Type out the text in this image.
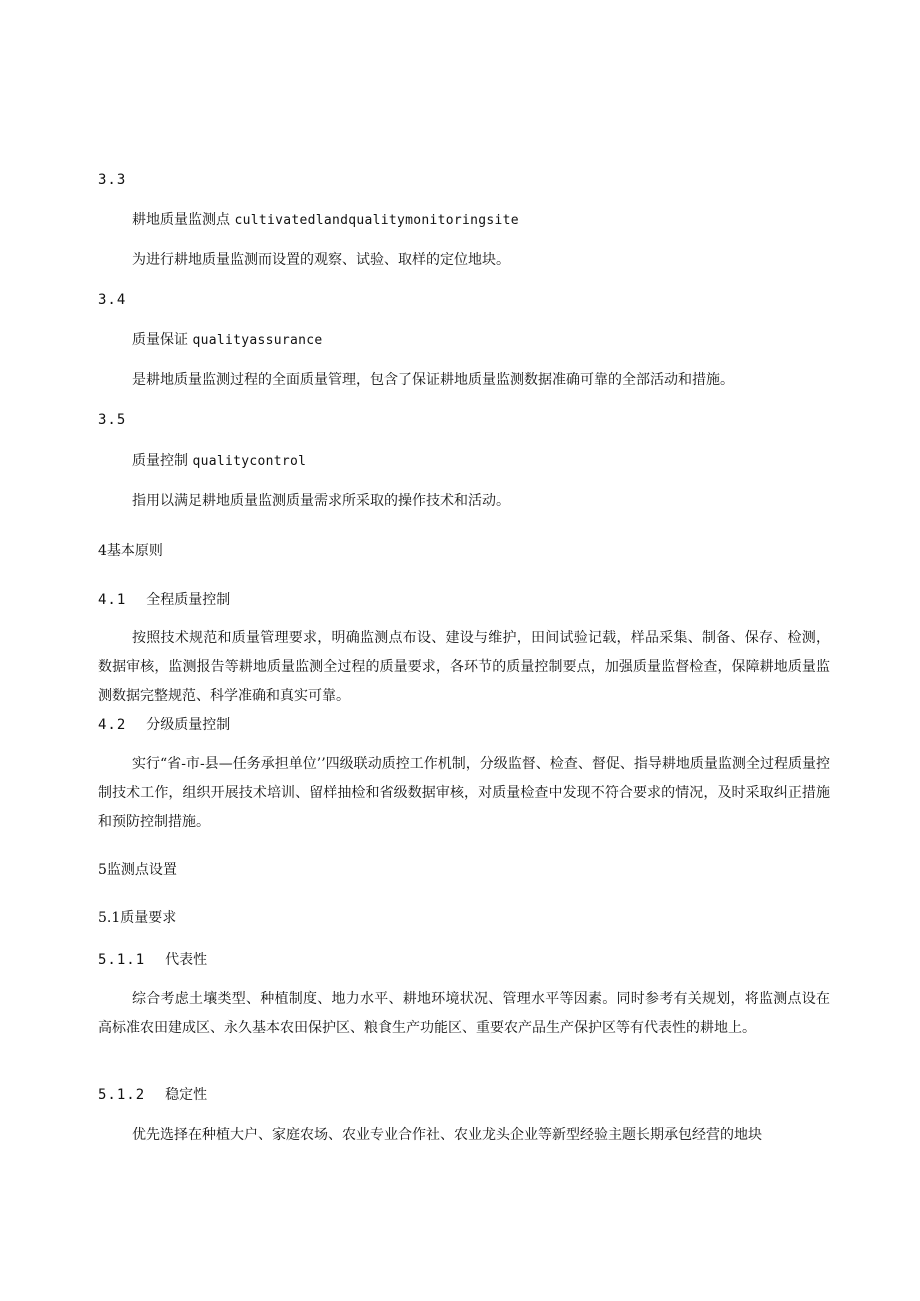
3.3
耕地质量监测点 cultivatedlandqualitymonitoringsite
为进行耕地质量监测而设置的观察、试验、取样的定位地块。
3.4
质量保证 qualityassurance
是耕地质量监测过程的全面质量管理，包含了保证耕地质量监测数据准确可靠的全部活动和措施。
3.5
质量控制 qualitycontrol
指用以满足耕地质量监测质量需求所采取的操作技术和活动。
4基本原则
4.1 全程质量控制
按照技术规范和质量管理要求，明确监测点布设、建设与维护，田间试验记载，样品采集、制备、保存、检测，数据审核，监测报告等耕地质量监测全过程的质量要求，各环节的质量控制要点，加强质量监督检查，保障耕地质量监测数据完整规范、科学准确和真实可靠。
4.2 分级质量控制
实行“省-市-县—任务承担单位’’四级联动质控工作机制，分级监督、检查、督促、指导耕地质量监测全过程质量控制技术工作，组织开展技术培训、留样抽检和省级数据审核，对质量检查中发现不符合要求的情况，及时采取纠正措施和预防控制措施。
5监测点设置
5.1质量要求
5.1.1 代表性
综合考虑土壤类型、种植制度、地力水平、耕地环境状况、管理水平等因素。同时参考有关规划，将监测点设在高标准农田建成区、永久基本农田保护区、粮食生产功能区、重要农产品生产保护区等有代表性的耕地上。
5.1.2 稳定性
优先选择在种植大户、家庭农场、农业专业合作社、农业龙头企业等新型经验主题长期承包经营的地块
